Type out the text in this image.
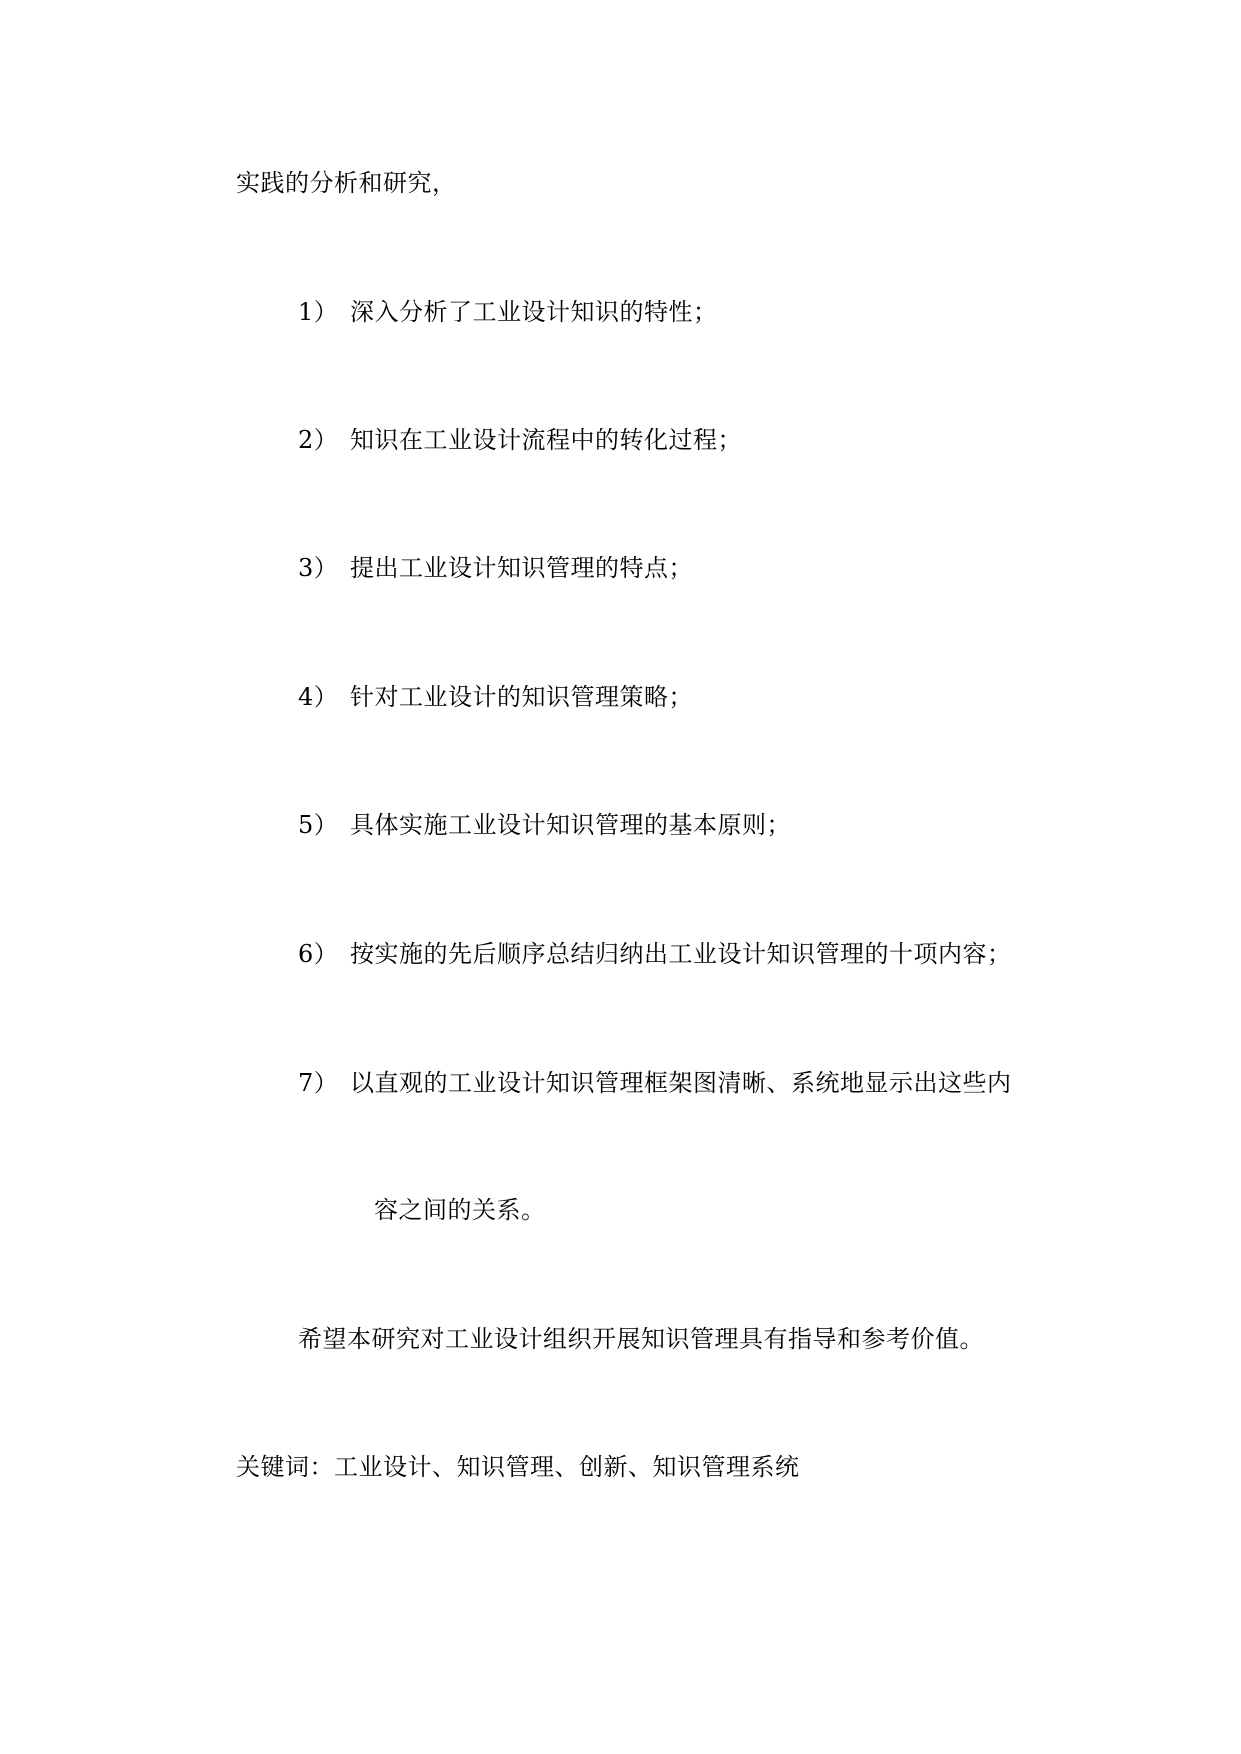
实践的分析和研究，
1） 深入分析了工业设计知识的特性；
2） 知识在工业设计流程中的转化过程；
3） 提出工业设计知识管理的特点；
4） 针对工业设计的知识管理策略；
5） 具体实施工业设计知识管理的基本原则；
6） 按实施的先后顺序总结归纳出工业设计知识管理的十项内容；
7） 以直观的工业设计知识管理框架图清晰、系统地显示出这些内
容之间的关系。
希望本研究对工业设计组织开展知识管理具有指导和参考价值。
关键词：工业设计、知识管理、创新、知识管理系统
